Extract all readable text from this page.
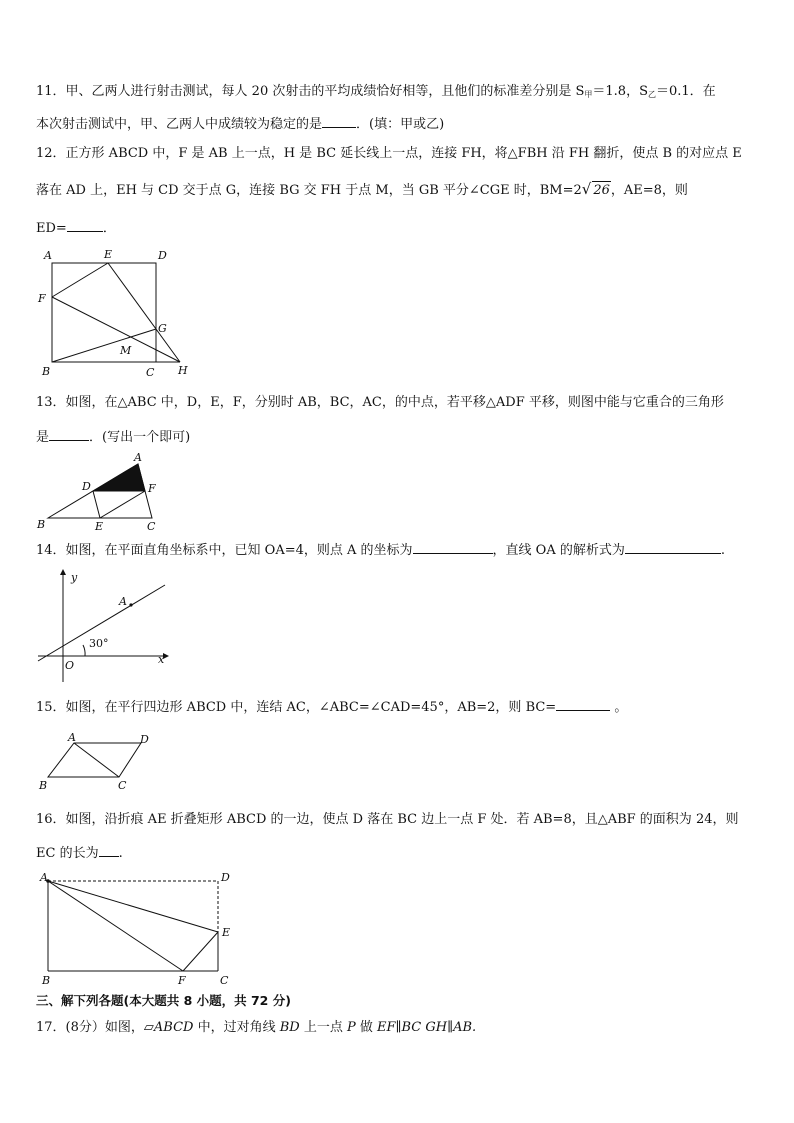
11．甲、乙两人进行射击测试，每人 20 次射击的平均成绩恰好相等，且他们的标准差分别是 $S_甲=1.8$，$S_乙=0.1$．在
本次射击测试中，甲、乙两人中成绩较为稳定的是	．(填：甲或乙)
12．正方形 ABCD 中，F 是 AB 上一点，H 是 BC 延长线上一点，连接 FH，将△FBH 沿 FH 翻折，使点 B 的对应点 E
落在 AD 上，EH 与 CD 交于点 G，连接 BG 交 FH 于点 M，当 GB 平分∠CGE 时，BM=2√ 26，AE=8，则
ED=	．
A	E	D
F
G
M
B	C H
13．如图，在△ABC 中，D，E，F，分别时 AB，BC，AC，的中点，若平移△ADF 平移，则图中能与它重合的三角形
是	．(写出一个即可)
A
D	F
B	E	C
14．如图，在平面直角坐标系中，已知 OA=4，则点 A 的坐标为	，直线 OA 的解析式为	.
y
A
30°
O	x
15．如图，在平行四边形 ABCD 中，连结 AC，∠ABC=∠CAD=45°，AB=2，则 BC=	。
A	D
B	C
16．如图，沿折痕 AE 折叠矩形 ABCD 的一边，使点 D 落在 BC 边上一点 F 处．若 AB=8，且△ABF 的面积为 24，则
EC 的长为 .
A	D
E
B	F	C
三、解下列各题(本大题共 8 小题，共 72 分)
17．(8分）如图，▱ABCD 中，过对角线 BD 上一点 P 做 EF∥BC GH∥AB.
